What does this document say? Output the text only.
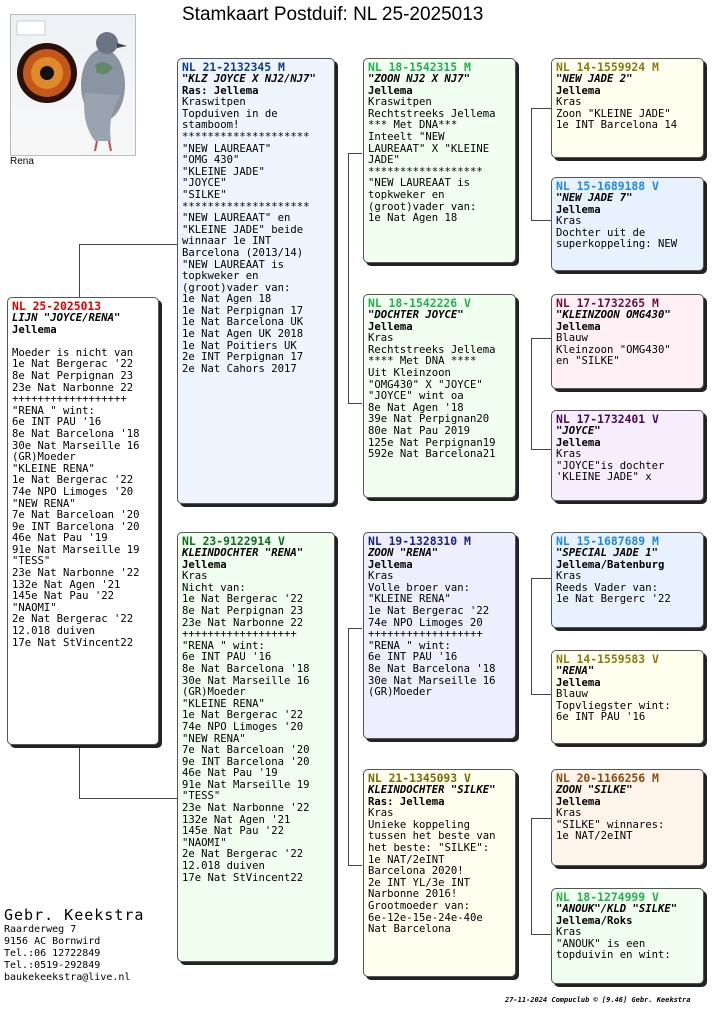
Stamkaart Postduif: NL 25-2025013
Rena
NL 25-2025013
LIJN "JOYCE/RENA"
Jellema

Moeder is nicht van
1e Nat Bergerac '22
8e Nat Perpignan 23
23e Nat Narbonne 22
++++++++++++++++++
"RENA " wint:
6e INT PAU '16
8e Nat Barcelona '18
30e Nat Marseille 16
(GR)Moeder
"KLEINE RENA"
1e Nat Bergerac '22
74e NPO Limoges '20
"NEW RENA"
7e Nat Barceloan '20
9e INT Barcelona '20
46e Nat Pau '19
91e Nat Marseille 19
"TESS"
23e Nat Narbonne '22
132e Nat Agen '21
145e Nat Pau '22
"NAOMI"
2e Nat Bergerac '22
12.018 duiven
17e Nat StVincent22
NL 21-2132345 M
"KLZ JOYCE X NJ2/NJ7"
Ras: Jellema
Kraswitpen
Topduiven in de
stamboom!
********************
"NEW LAUREAAT"
"OMG 430"
"KLEINE JADE"
"JOYCE"
"SILKE"
********************
"NEW LAUREAAT" en
"KLEINE JADE" beide
winnaar 1e INT
Barcelona (2013/14)
"NEW LAUREAAT is
topkweker en
(groot)vader van:
1e Nat Agen 18
1e Nat Perpignan 17
1e Nat Barcelona UK
1e Nat Agen UK 2018
1e Nat Poitiers UK
2e INT Perpignan 17
2e Nat Cahors 2017
NL 23-9122914 V
KLEINDOCHTER "RENA"
Jellema
Kras
Nicht van:
1e Nat Bergerac '22
8e Nat Perpignan 23
23e Nat Narbonne 22
++++++++++++++++++
"RENA " wint:
6e INT PAU '16
8e Nat Barcelona '18
30e Nat Marseille 16
(GR)Moeder
"KLEINE RENA"
1e Nat Bergerac '22
74e NPO Limoges '20
"NEW RENA"
7e Nat Barceloan '20
9e INT Barcelona '20
46e Nat Pau '19
91e Nat Marseille 19
"TESS"
23e Nat Narbonne '22
132e Nat Agen '21
145e Nat Pau '22
"NAOMI"
2e Nat Bergerac '22
12.018 duiven
17e Nat StVincent22
NL 18-1542315 M
"ZOON NJ2 X NJ7"
Jellema
Kraswitpen
Rechtstreeks Jellema
*** Met DNA***
Inteelt "NEW
LAUREAAT" X "KLEINE
JADE"
******************
"NEW LAUREAAT is
topkweker en
(groot)vader van:
1e Nat Agen 18
NL 18-1542226 V
"DOCHTER JOYCE"
Jellema
Kras
Rechtstreeks Jellema
**** Met DNA ****
Uit Kleinzoon
"OMG430" X "JOYCE"
"JOYCE" wint oa
8e Nat Agen '18
39e Nat Perpignan20
80e Nat Pau 2019
125e Nat Perpignan19
592e Nat Barcelona21
NL 19-1328310 M
ZOON "RENA"
Jellema
Kras
Volle broer van:
"KLEINE RENA"
1e Nat Bergerac '22
74e NPO Limoges 20
++++++++++++++++++
"RENA " wint:
6e INT PAU '16
8e Nat Barcelona '18
30e Nat Marseille 16
(GR)Moeder
NL 21-1345093 V
KLEINDOCHTER "SILKE"
Ras: Jellema
Kras
Unieke koppeling
tussen het beste van
het beste: "SILKE":
1e NAT/2eINT
Barcelona 2020!
2e INT YL/3e INT
Narbonne 2016!
Grootmoeder van:
6e-12e-15e-24e-40e
Nat Barcelona
NL 14-1559924 M
"NEW JADE 2"
Jellema
Kras
Zoon "KLEINE JADE"
1e INT Barcelona 14
NL 15-1689188 V
"NEW JADE 7"
Jellema
Kras
Dochter uit de
superkoppeling: NEW
NL 17-1732265 M
"KLEINZOON OMG430"
Jellema
Blauw
Kleinzoon "OMG430"
en "SILKE"
NL 17-1732401 V
"JOYCE"
Jellema
Kras
"JOYCE"is dochter
'KLEINE JADE" x
NL 15-1687689 M
"SPECIAL JADE 1"
Jellema/Batenburg
Kras
Reeds Vader van:
1e Nat Bergerc '22
NL 14-1559583 V
"RENA"
Jellema
Blauw
Topvliegster wint:
6e INT PAU '16
NL 20-1166256 M
ZOON "SILKE"
Jellema
Kras
"SILKE" winnares:
1e NAT/2eINT
NL 18-1274999 V
"ANOUK"/KLD "SILKE"
Jellema/Roks
Kras
"ANOUK" is een
topduivin en wint:
Gebr. Keekstra
Raarderweg 7
9156 AC Bornwird
Tel.:06 12722849
Tel.:0519-292849
baukekeekstra@live.nl
27-11-2024 Compuclub © [9.46] Gebr. Keekstra
